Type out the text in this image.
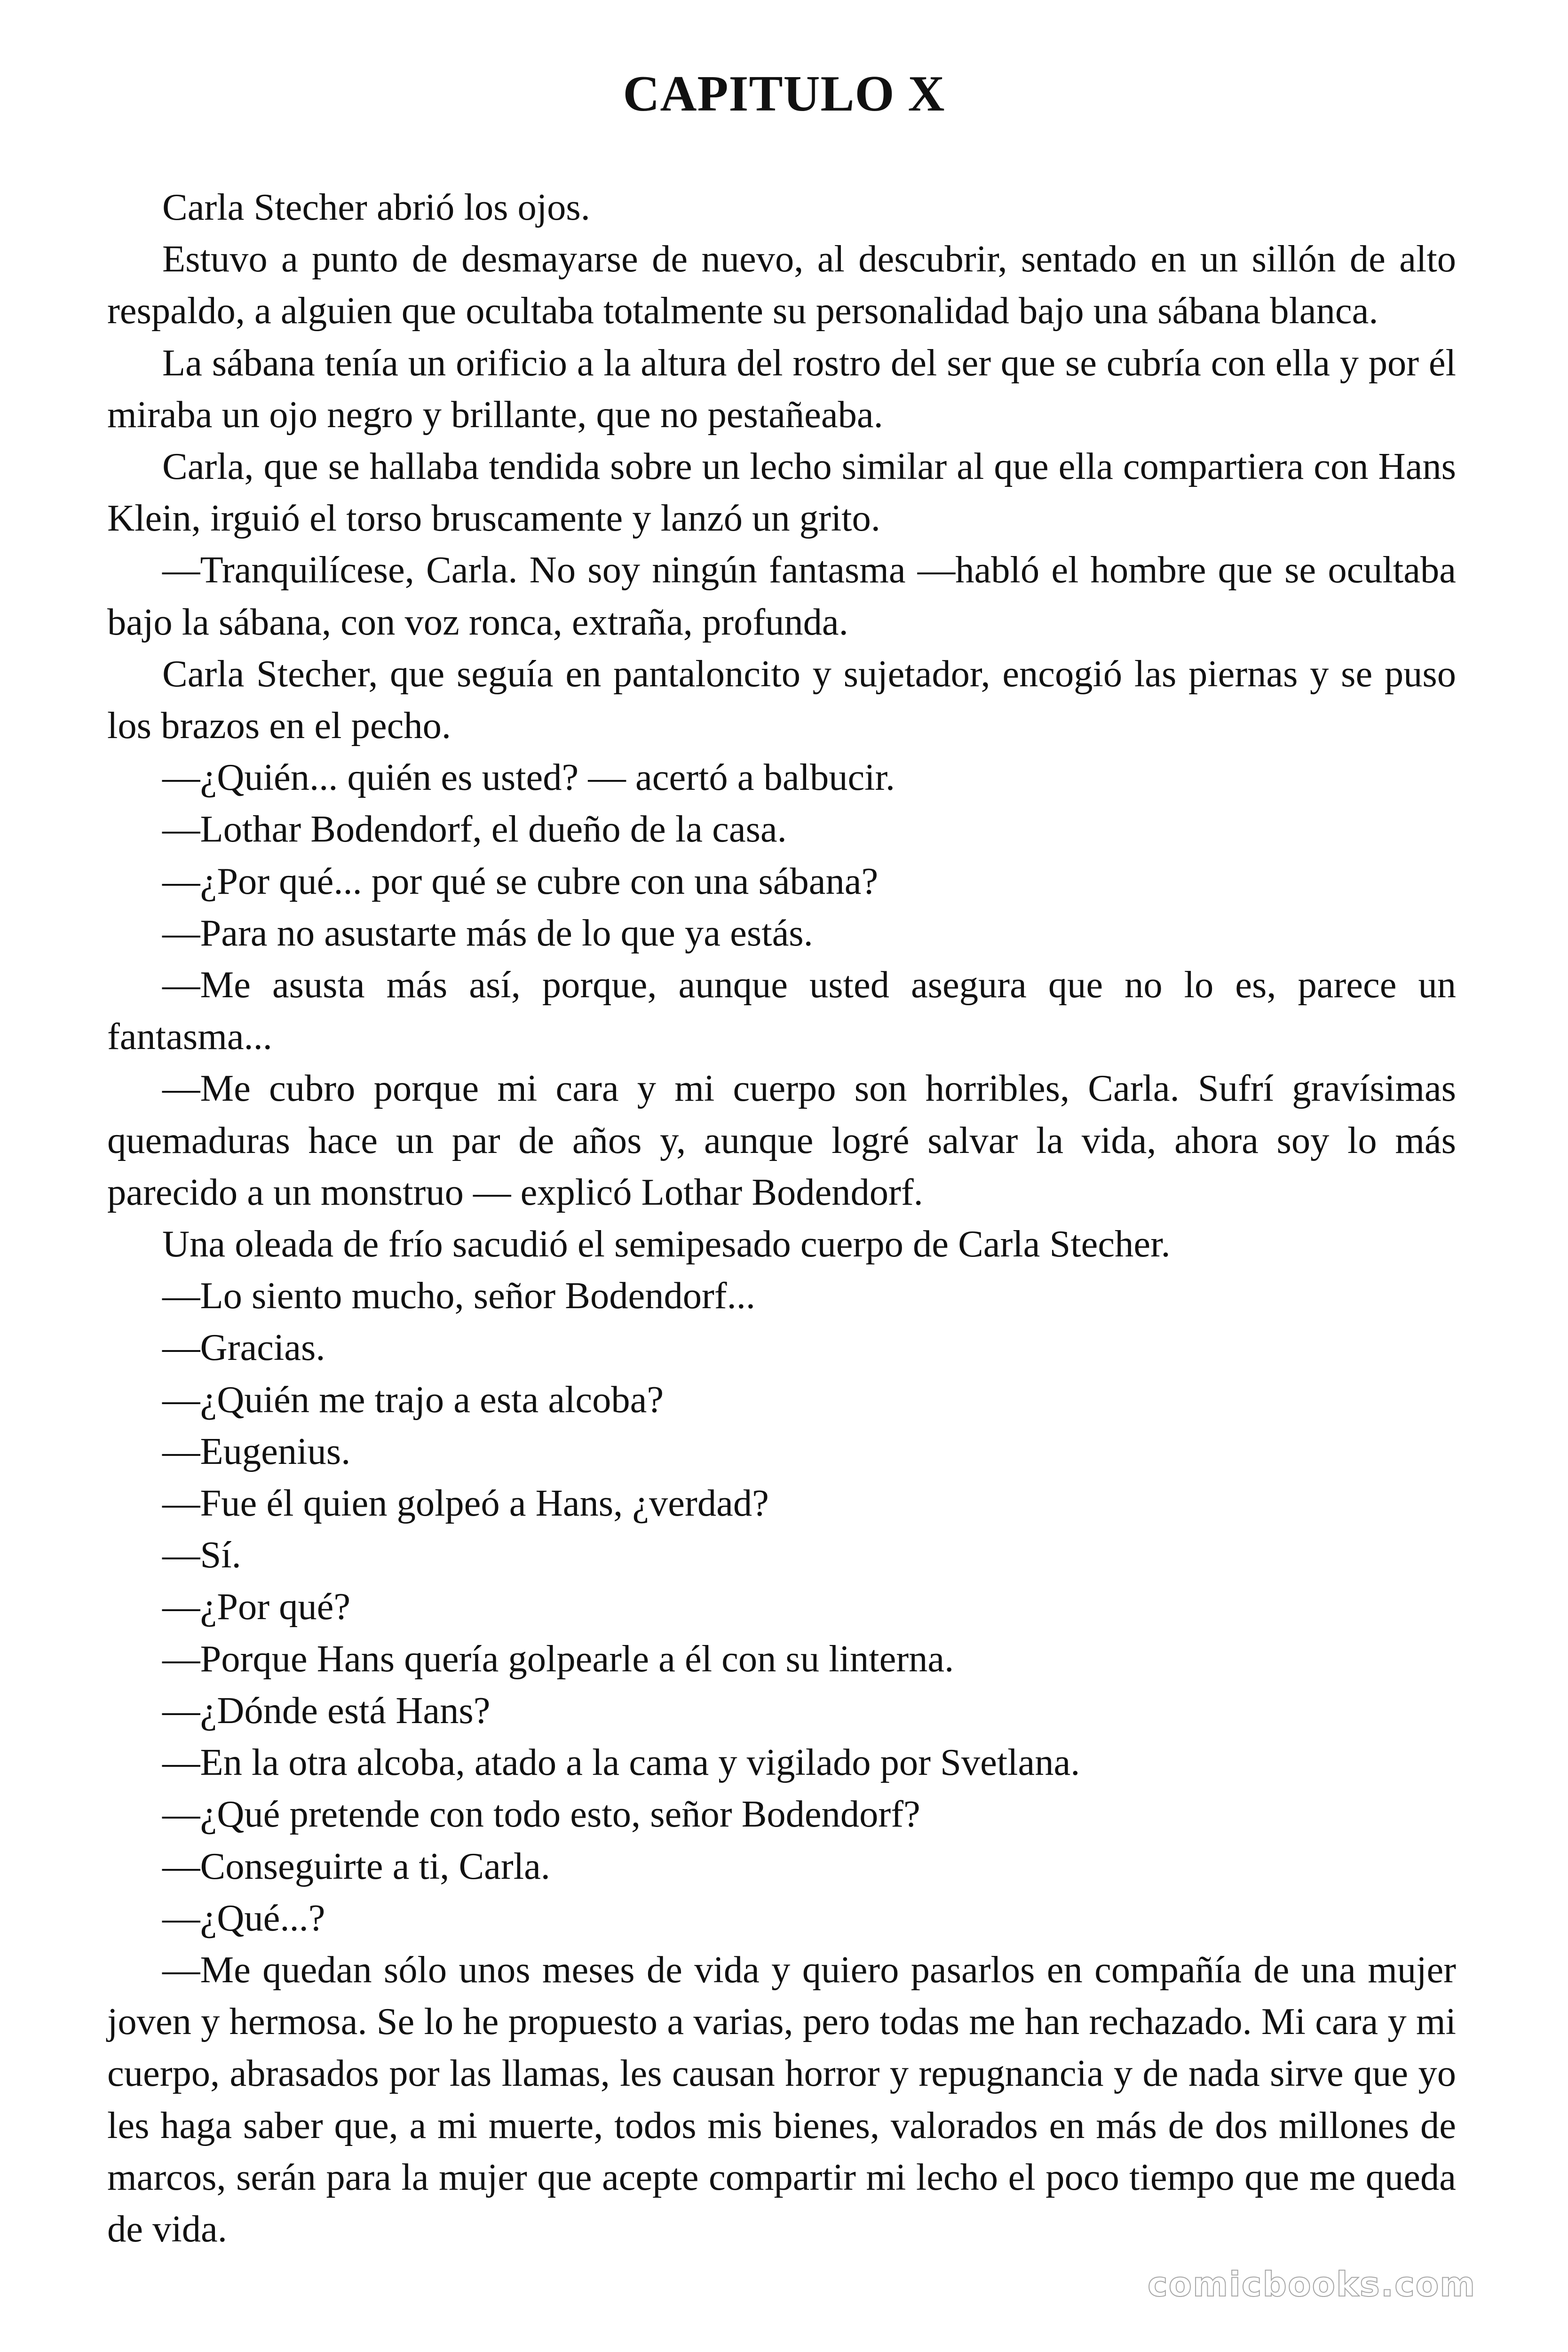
CAPITULO X

Carla Stecher abrió los ojos.

Estuvo a punto de desmayarse de nuevo, al descubrir, sentado en un sillón de alto respaldo, a alguien que ocultaba totalmente su personalidad bajo una sábana blanca.

La sábana tenía un orificio a la altura del rostro del ser que se cubría con ella y por él miraba un ojo negro y brillante, que no pestañeaba.

Carla, que se hallaba tendida sobre un lecho similar al que ella compartiera con Hans Klein, irguió el torso bruscamente y lanzó un grito.

—Tranquilícese, Carla. No soy ningún fantasma —habló el hombre que se ocultaba bajo la sábana, con voz ronca, extraña, profunda.

Carla Stecher, que seguía en pantaloncito y sujetador, encogió las piernas y se puso los brazos en el pecho.

—¿Quién... quién es usted? — acertó a balbucir.

—Lothar Bodendorf, el dueño de la casa.

—¿Por qué... por qué se cubre con una sábana?

—Para no asustarte más de lo que ya estás.

—Me asusta más así, porque, aunque usted asegura que no lo es, parece un fantasma...

—Me cubro porque mi cara y mi cuerpo son horribles, Carla. Sufrí gravísimas quemaduras hace un par de años y, aunque logré salvar la vida, ahora soy lo más parecido a un monstruo — explicó Lothar Bodendorf.

Una oleada de frío sacudió el semipesado cuerpo de Carla Stecher.

—Lo siento mucho, señor Bodendorf...

—Gracias.

—¿Quién me trajo a esta alcoba?

—Eugenius.

—Fue él quien golpeó a Hans, ¿verdad?

—Sí.

—¿Por qué?

—Porque Hans quería golpearle a él con su linterna.

—¿Dónde está Hans?

—En la otra alcoba, atado a la cama y vigilado por Svetlana.

—¿Qué pretende con todo esto, señor Bodendorf?

—Conseguirte a ti, Carla.

—¿Qué...?

—Me quedan sólo unos meses de vida y quiero pasarlos en compañía de una mujer joven y hermosa. Se lo he propuesto a varias, pero todas me han rechazado. Mi cara y mi cuerpo, abrasados por las llamas, les causan horror y repugnancia y de nada sirve que yo les haga saber que, a mi muerte, todos mis bienes, valorados en más de dos millones de marcos, serán para la mujer que acepte compartir mi lecho el poco tiempo que me queda de vida.

comicbooks.com
